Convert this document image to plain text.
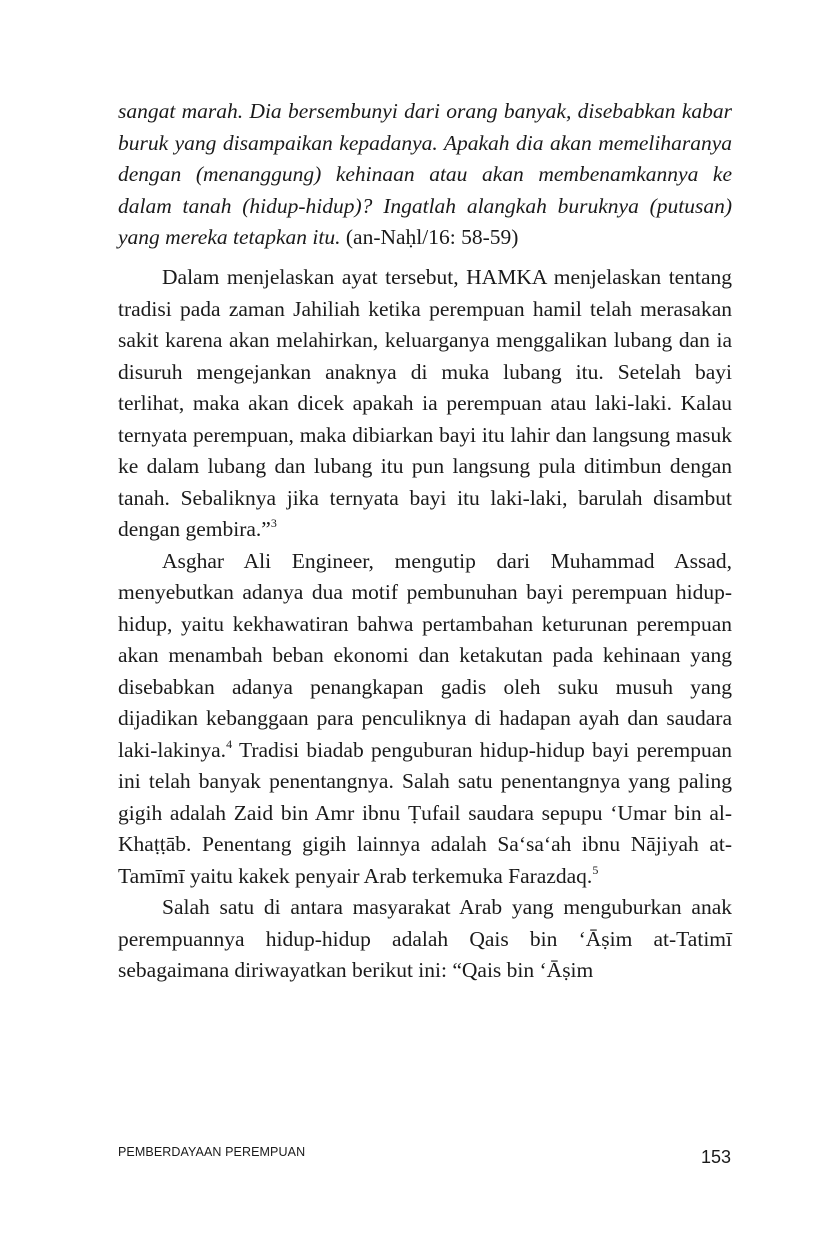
sangat marah. Dia bersembunyi dari orang banyak, disebabkan kabar buruk yang disampaikan kepadanya. Apakah dia akan memeliharanya dengan (menanggung) kehinaan atau akan membenamkannya ke dalam tanah (hidup-hidup)? Ingatlah alangkah buruknya (putusan) yang mereka tetapkan itu. (an-Naḥl/16: 58-59)

Dalam menjelaskan ayat tersebut, HAMKA menjelaskan tentang tradisi pada zaman Jahiliah ketika perempuan hamil telah merasakan sakit karena akan melahirkan, keluarganya menggalikan lubang dan ia disuruh mengejankan anaknya di muka lubang itu. Setelah bayi terlihat, maka akan dicek apakah ia perempuan atau laki-laki. Kalau ternyata perempuan, maka dibiarkan bayi itu lahir dan langsung masuk ke dalam lubang dan lubang itu pun langsung pula ditimbun dengan tanah. Sebaliknya jika ternyata bayi itu laki-laki, barulah disambut dengan gembira.”$^3$

Asghar Ali Engineer, mengutip dari Muhammad Assad, menyebutkan adanya dua motif pembunuhan bayi perempuan hidup-hidup, yaitu kekhawatiran bahwa pertambahan keturunan perempuan akan menambah beban ekonomi dan ketakutan pada kehinaan yang disebabkan adanya penangkapan gadis oleh suku musuh yang dijadikan kebanggaan para penculiknya di hadapan ayah dan saudara laki-lakinya.$^4$ Tradisi biadab penguburan hidup-hidup bayi perempuan ini telah banyak penentangnya. Salah satu penentangnya yang paling gigih adalah Zaid bin Amr ibnu Ṭufail saudara sepupu ‘Umar bin al-Khaṭṭāb. Penentang gigih lainnya adalah Sa‘sa‘ah ibnu Nājiyah at-Tamīmī yaitu kakek penyair Arab terkemuka Farazdaq.$^5$

Salah satu di antara masyarakat Arab yang menguburkan anak perempuannya hidup-hidup adalah Qais bin ‘Āṣim at-Tatimī sebagaimana diriwayatkan berikut ini: “Qais bin ‘Āṣim

PEMBERDAYAAN PEREMPUAN	153
